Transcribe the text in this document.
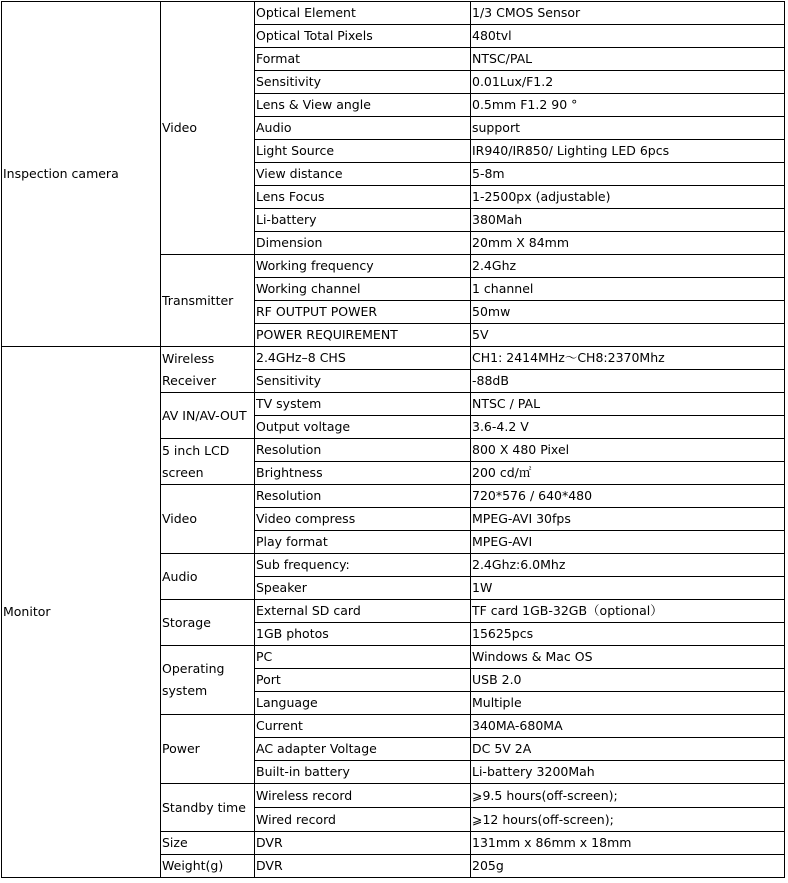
Inspection camera	Video	Optical Element	1/3 CMOS Sensor
		Optical Total Pixels	480tvl
		Format	NTSC/PAL
		Sensitivity	0.01Lux/F1.2
		Lens & View angle	0.5mm F1.2 90 °
		Audio	support
		Light Source	IR940/IR850/ Lighting LED 6pcs
		View distance	5-8m
		Lens Focus	1-2500px (adjustable)
		Li-battery	380Mah
		Dimension	20mm X 84mm
	Transmitter	Working frequency	2.4Ghz
		Working channel	1 channel
		RF OUTPUT POWER	50mw
		POWER REQUIREMENT	5V
Monitor	Wireless Receiver	2.4GHz–8 CHS	CH1: 2414MHz～CH8:2370Mhz
		Sensitivity	-88dB
	AV IN/AV-OUT	TV system	NTSC / PAL
		Output voltage	3.6-4.2 V
	5 inch LCD screen	Resolution	800 X 480 Pixel
		Brightness	200 cd/㎡
	Video	Resolution	720*576 / 640*480
		Video compress	MPEG-AVI 30fps
		Play format	MPEG-AVI
	Audio	Sub frequency:	2.4Ghz:6.0Mhz
		Speaker	1W
	Storage	External SD card	TF card 1GB-32GB（optional）
		1GB photos	15625pcs
	Operating system	PC	Windows & Mac OS
		Port	USB 2.0
		Language	Multiple
	Power	Current	340MA-680MA
		AC adapter Voltage	DC 5V 2A
		Built-in battery	Li-battery 3200Mah
	Standby time	Wireless record	⩾9.5 hours(off-screen);
		Wired record	⩾12 hours(off-screen);
	Size	DVR	131mm x 86mm x 18mm
	Weight(g)	DVR	205g
